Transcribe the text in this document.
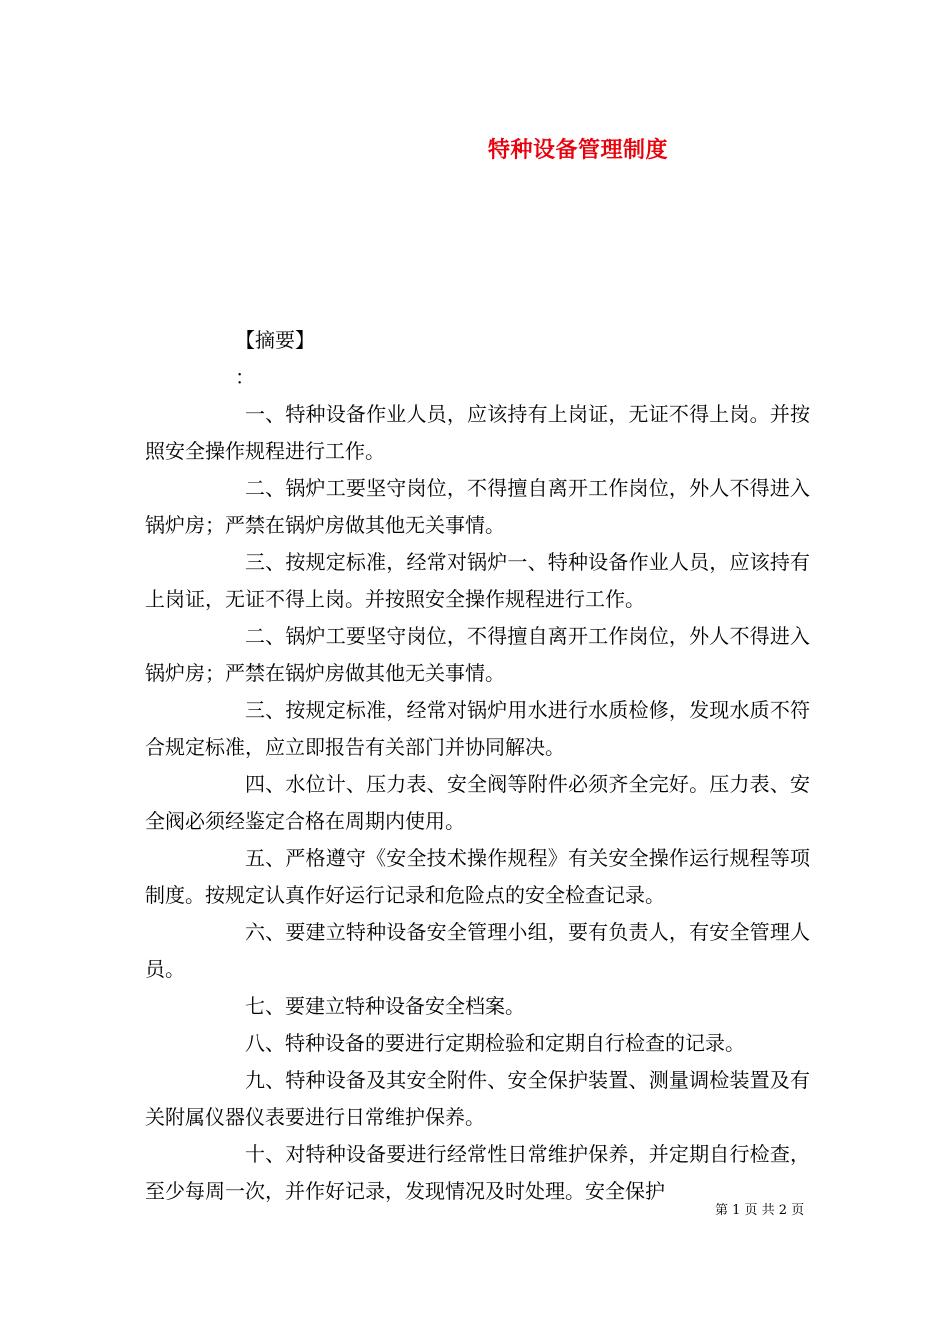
特种设备管理制度

【摘要】

：

一、特种设备作业人员，应该持有上岗证，无证不得上岗。并按照安全操作规程进行工作。

二、锅炉工要坚守岗位，不得擅自离开工作岗位，外人不得进入锅炉房；严禁在锅炉房做其他无关事情。

三、按规定标准，经常对锅炉一、特种设备作业人员，应该持有上岗证，无证不得上岗。并按照安全操作规程进行工作。

二、锅炉工要坚守岗位，不得擅自离开工作岗位，外人不得进入锅炉房；严禁在锅炉房做其他无关事情。

三、按规定标准，经常对锅炉用水进行水质检修，发现水质不符合规定标准，应立即报告有关部门并协同解决。

四、水位计、压力表、安全阀等附件必须齐全完好。压力表、安全阀必须经鉴定合格在周期内使用。

五、严格遵守《安全技术操作规程》有关安全操作运行规程等项制度。按规定认真作好运行记录和危险点的安全检查记录。

六、要建立特种设备安全管理小组，要有负责人，有安全管理人员。

七、要建立特种设备安全档案。

八、特种设备的要进行定期检验和定期自行检查的记录。

九、特种设备及其安全附件、安全保护装置、测量调检装置及有关附属仪器仪表要进行日常维护保养。

十、对特种设备要进行经常性日常维护保养，并定期自行检查，至少每周一次，并作好记录，发现情况及时处理。安全保护

第 1 页 共 2 页
